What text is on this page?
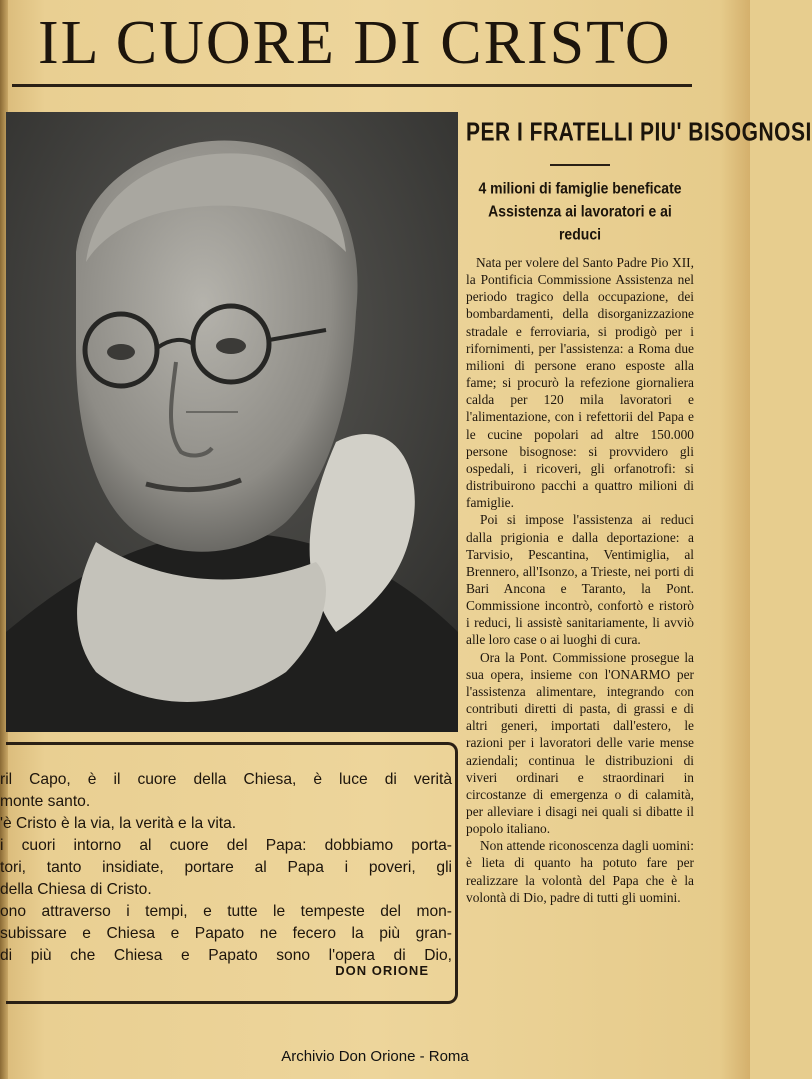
IL CUORE DI CRISTO
PER I FRATELLI PIU' BISOGNOSI
4 milioni di famiglie beneficate
Assistenza ai lavoratori e ai reduci

Nata per volere del Santo Padre Pio XII, la Pontificia Commissione Assistenza nel periodo tragico della occupazione, dei bombardamenti, della disorganizzazione stradale e ferroviaria, si prodigò per i rifornimenti, per l'assistenza: a Roma due milioni di persone erano esposte alla fame; si procurò la refezione giornaliera calda per 120 mila lavoratori e l'alimentazione, con i refettorii del Papa e le cucine popolari ad altre 150.000 persone bisognose: si provvidero gli ospedali, i ricoveri, gli orfanotrofi: si distribuirono pacchi a quattro milioni di famiglie.

Poi si impose l'assistenza ai reduci dalla prigionia e dalla deportazione: a Tarvisio, Pescantina, Ventimiglia, al Brennero, all'Isonzo, a Trieste, nei porti di Bari Ancona e Taranto, la Pont. Commissione incontrò, confortò e ristorò i reduci, li assistè sanitariamente, li avviò alle loro case o ai luoghi di cura.

Ora la Pont. Commissione prosegue la sua opera, insieme con l'ONARMO per l'assistenza alimentare, integrando con contributi diretti di pasta, di grassi e di altri generi, importati dall'estero, le razioni per i lavoratori delle varie mense aziendali; continua le distribuzioni di viveri ordinari e straordinari in circostanze di emergenza o di calamità, per alleviare i disagi nei quali si dibatte il popolo italiano.

Non attende riconoscenza dagli uomini: è lieta di quanto ha potuto fare per realizzare la volontà del Papa che è la volontà di Dio, padre di tutti gli uomini.

ril Capo, è il cuore della Chiesa, è luce di verità
monte santo.
'è Cristo è la via, la verità e la vita.
i cuori intorno al cuore del Papa: dobbiamo porta-
tori, tanto insidiate, portare al Papa i poveri, gli
della Chiesa di Cristo.
ono attraverso i tempi, e tutte le tempeste del mon-
subissare e Chiesa e Papato ne fecero la più gran-
di più che Chiesa e Papato sono l'opera di Dio,
DON ORIONE
Archivio Don Orione - Roma
